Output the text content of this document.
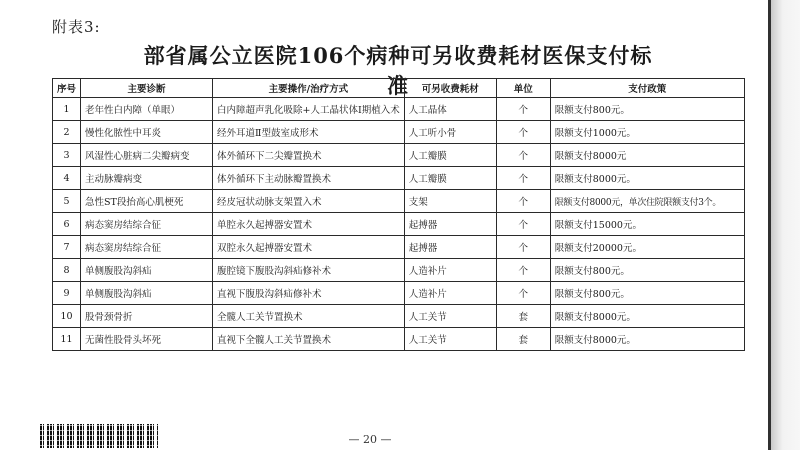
附表3:
部省属公立医院106个病种可另收费耗材医保支付标准
序号	主要诊断	主要操作/治疗方式	可另收费耗材	单位	支付政策
1	老年性白内障（单眼）	白内障超声乳化吸除+人工晶状体Ⅰ期植入术	人工晶体	个	限额支付800元。
2	慢性化脓性中耳炎	经外耳道Ⅱ型鼓室成形术	人工听小骨	个	限额支付1000元。
3	风湿性心脏病二尖瓣病变	体外循环下二尖瓣置换术	人工瓣膜	个	限额支付8000元
4	主动脉瓣病变	体外循环下主动脉瓣置换术	人工瓣膜	个	限额支付8000元。
5	急性ST段抬高心肌梗死	经皮冠状动脉支架置入术	支架	个	限额支付8000元，单次住院限额支付3个。
6	病态窦房结综合征	单腔永久起搏器安置术	起搏器	个	限额支付15000元。
7	病态窦房结综合征	双腔永久起搏器安置术	起搏器	个	限额支付20000元。
8	单侧腹股沟斜疝	腹腔镜下腹股沟斜疝修补术	人造补片	个	限额支付800元。
9	单侧腹股沟斜疝	直视下腹股沟斜疝修补术	人造补片	个	限额支付800元。
10	股骨颈骨折	全髋人工关节置换术	人工关节	套	限额支付8000元。
11	无菌性股骨头坏死	直视下全髋人工关节置换术	人工关节	套	限额支付8000元。
— 20 —
